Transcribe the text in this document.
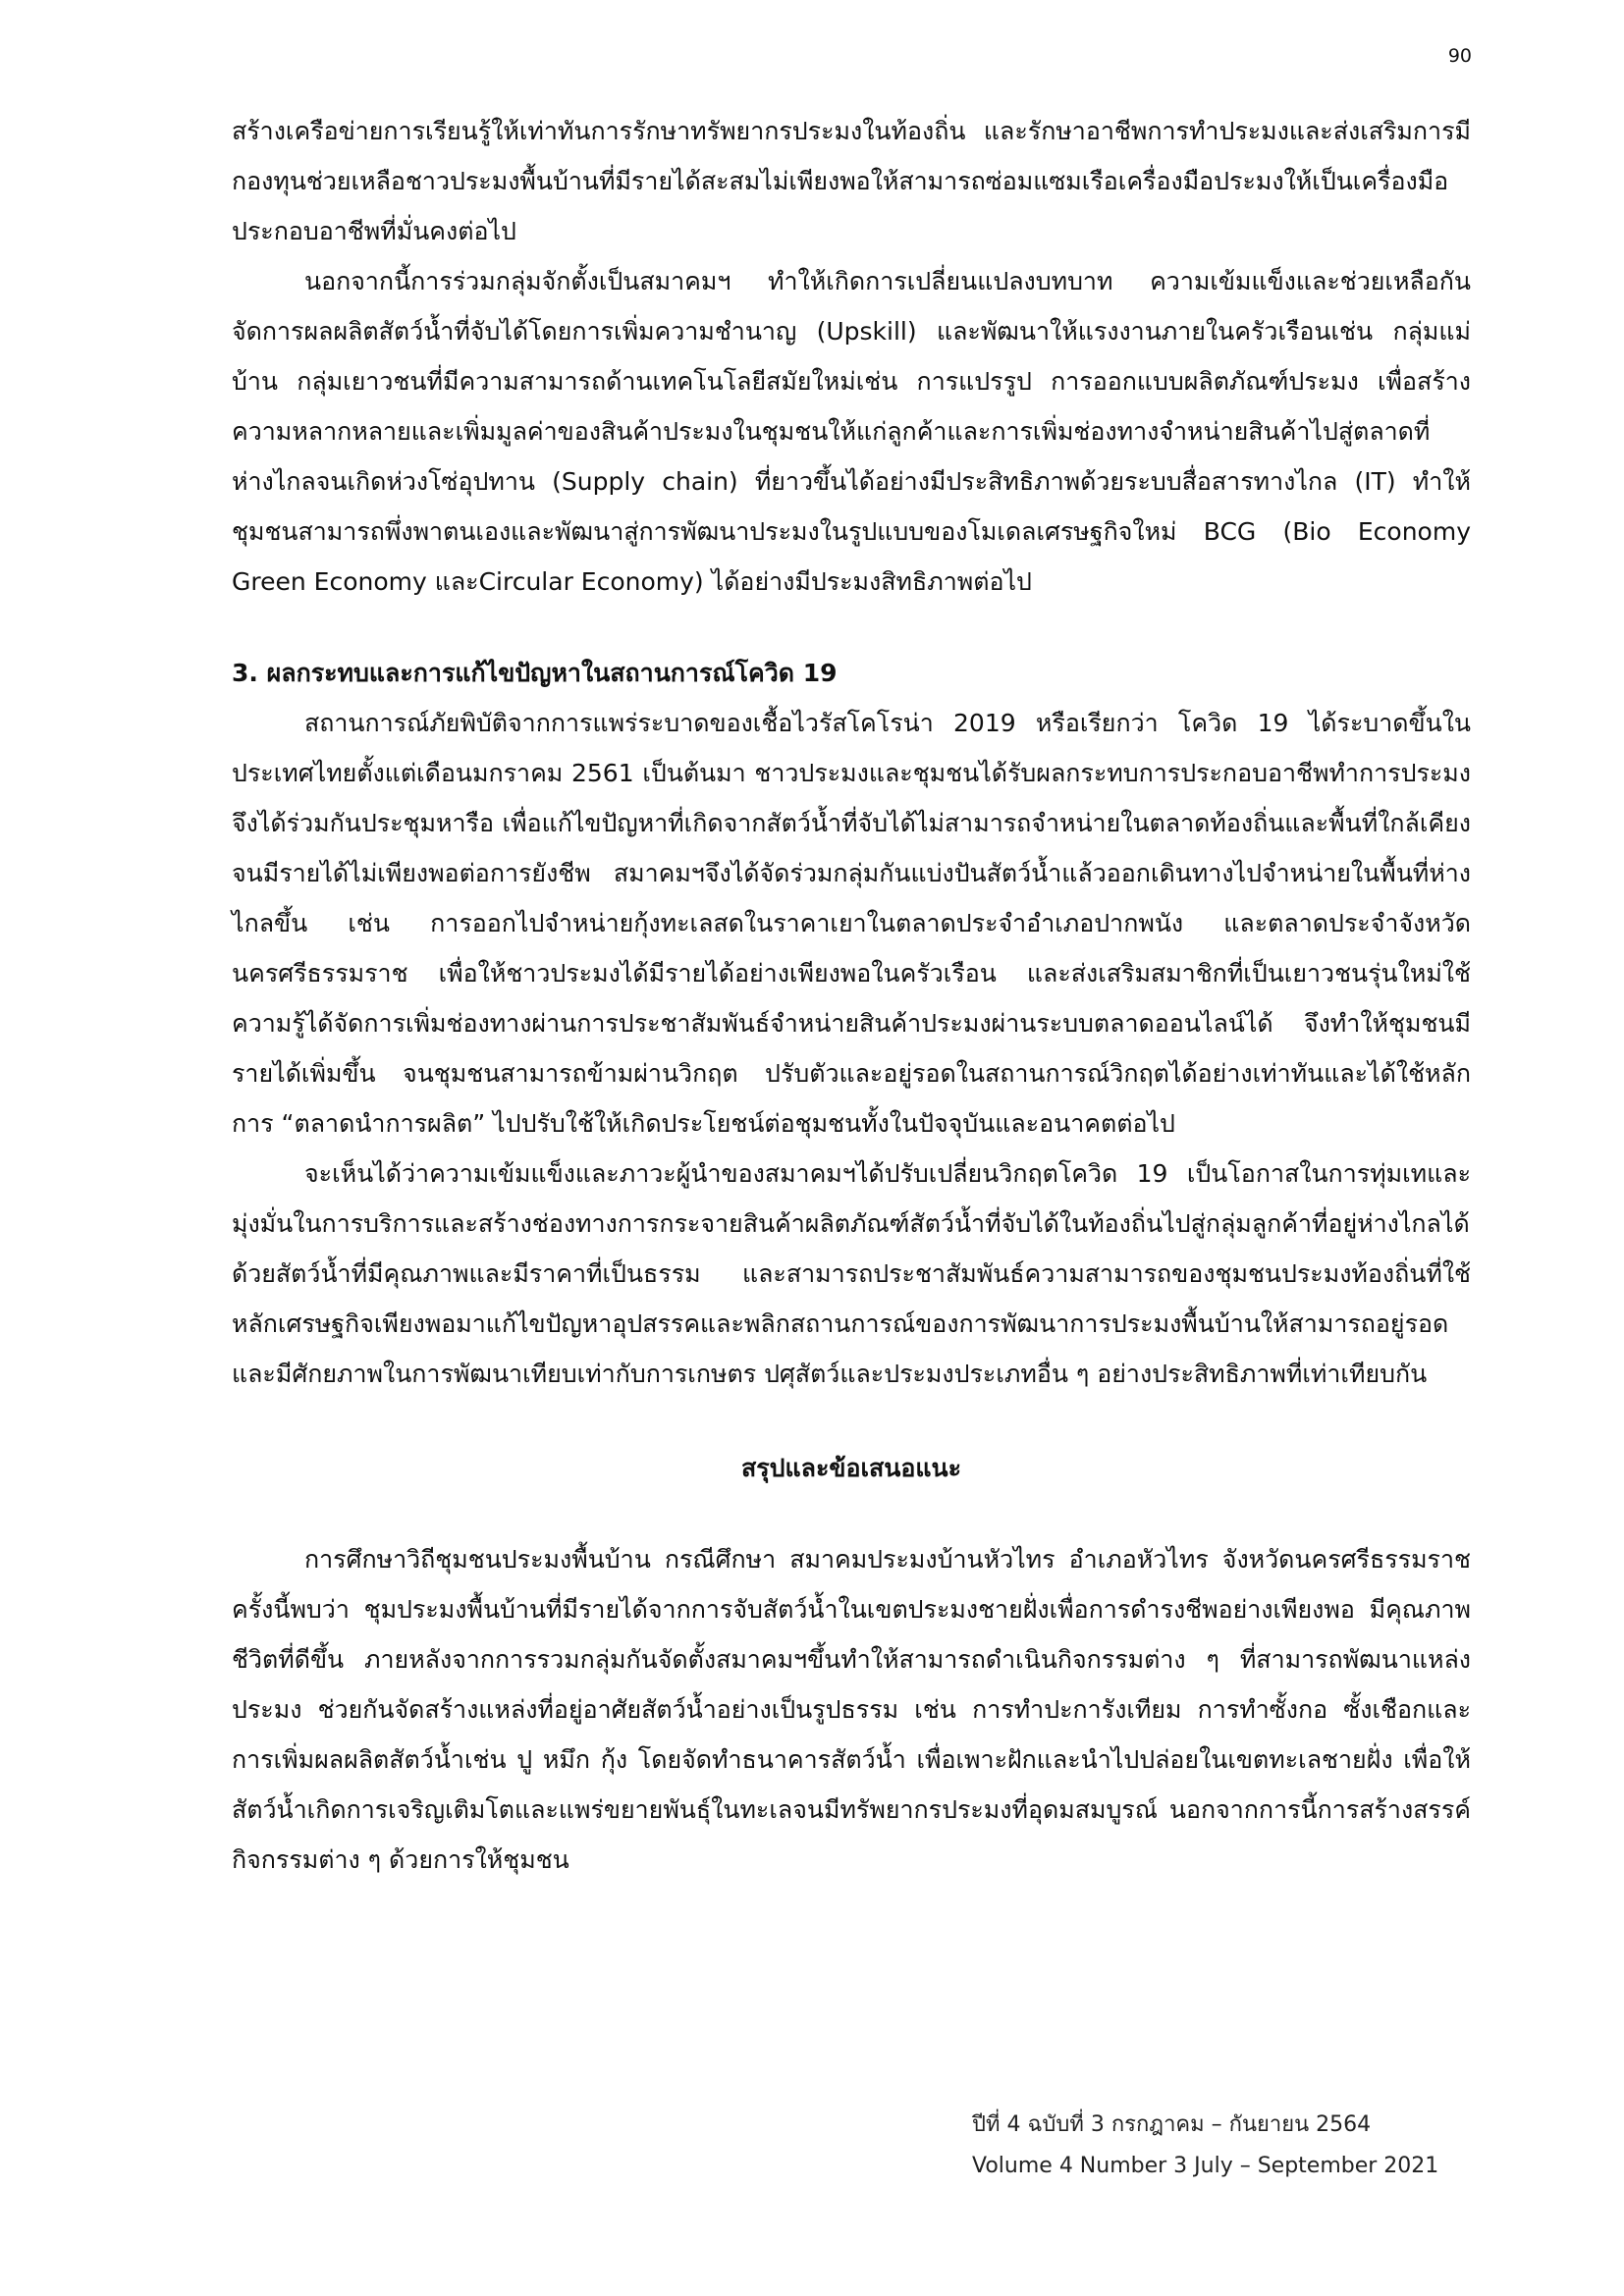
90

สร้างเครือข่ายการเรียนรู้ให้เท่าทันการรักษาทรัพยากรประมงในท้องถิ่น และรักษาอาชีพการทำประมงและส่งเสริมการมีกองทุนช่วยเหลือชาวประมงพื้นบ้านที่มีรายได้สะสมไม่เพียงพอให้สามารถซ่อมแซมเรือเครื่องมือประมงให้เป็นเครื่องมือประกอบอาชีพที่มั่นคงต่อไป

นอกจากนี้การร่วมกลุ่มจักตั้งเป็นสมาคมฯ ทำให้เกิดการเปลี่ยนแปลงบทบาท ความเข้มแข็งและช่วยเหลือกันจัดการผลผลิตสัตว์น้ำที่จับได้โดยการเพิ่มความชำนาญ (Upskill) และพัฒนาให้แรงงานภายในครัวเรือนเช่น กลุ่มแม่บ้าน กลุ่มเยาวชนที่มีความสามารถด้านเทคโนโลยีสมัยใหม่เช่น การแปรรูป การออกแบบผลิตภัณฑ์ประมง เพื่อสร้างความหลากหลายและเพิ่มมูลค่าของสินค้าประมงในชุมชนให้แก่ลูกค้าและการเพิ่มช่องทางจำหน่ายสินค้าไปสู่ตลาดที่ห่างไกลจนเกิดห่วงโซ่อุปทาน (Supply chain) ที่ยาวขึ้นได้อย่างมีประสิทธิภาพด้วยระบบสื่อสารทางไกล (IT) ทำให้ชุมชนสามารถพึ่งพาตนเองและพัฒนาสู่การพัฒนาประมงในรูปแบบของโมเดลเศรษฐกิจใหม่ BCG (Bio Economy Green Economy และCircular Economy) ได้อย่างมีประมงสิทธิภาพต่อไป

3. ผลกระทบและการแก้ไขปัญหาในสถานการณ์โควิด 19

สถานการณ์ภัยพิบัติจากการแพร่ระบาดของเชื้อไวรัสโคโรน่า 2019 หรือเรียกว่า โควิด 19 ได้ระบาดขึ้นในประเทศไทยตั้งแต่เดือนมกราคม 2561 เป็นต้นมา ชาวประมงและชุมชนได้รับผลกระทบการประกอบอาชีพทำการประมงจึงได้ร่วมกันประชุมหารือ เพื่อแก้ไขปัญหาที่เกิดจากสัตว์น้ำที่จับได้ไม่สามารถจำหน่ายในตลาดท้องถิ่นและพื้นที่ใกล้เคียง จนมีรายได้ไม่เพียงพอต่อการยังชีพ สมาคมฯจึงได้จัดร่วมกลุ่มกันแบ่งปันสัตว์น้ำแล้วออกเดินทางไปจำหน่ายในพื้นที่ห่างไกลขึ้น เช่น การออกไปจำหน่ายกุ้งทะเลสดในราคาเยาในตลาดประจำอำเภอปากพนัง และตลาดประจำจังหวัดนครศรีธรรมราช เพื่อให้ชาวประมงได้มีรายได้อย่างเพียงพอในครัวเรือน และส่งเสริมสมาชิกที่เป็นเยาวชนรุ่นใหม่ใช้ความรู้ได้จัดการเพิ่มช่องทางผ่านการประชาสัมพันธ์จำหน่ายสินค้าประมงผ่านระบบตลาดออนไลน์ได้ จึงทำให้ชุมชนมีรายได้เพิ่มขึ้น จนชุมชนสามารถข้ามผ่านวิกฤต ปรับตัวและอยู่รอดในสถานการณ์วิกฤตได้อย่างเท่าทันและได้ใช้หลักการ “ตลาดนำการผลิต” ไปปรับใช้ให้เกิดประโยชน์ต่อชุมชนทั้งในปัจจุบันและอนาคตต่อไป

จะเห็นได้ว่าความเข้มแข็งและภาวะผู้นำของสมาคมฯได้ปรับเปลี่ยนวิกฤตโควิด 19 เป็นโอกาสในการทุ่มเทและมุ่งมั่นในการบริการและสร้างช่องทางการกระจายสินค้าผลิตภัณฑ์สัตว์น้ำที่จับได้ในท้องถิ่นไปสู่กลุ่มลูกค้าที่อยู่ห่างไกลได้ด้วยสัตว์น้ำที่มีคุณภาพและมีราคาที่เป็นธรรม และสามารถประชาสัมพันธ์ความสามารถของชุมชนประมงท้องถิ่นที่ใช้ หลักเศรษฐกิจเพียงพอมาแก้ไขปัญหาอุปสรรคและพลิกสถานการณ์ของการพัฒนาการประมงพื้นบ้านให้สามารถอยู่รอดและมีศักยภาพในการพัฒนาเทียบเท่ากับการเกษตร ปศุสัตว์และประมงประเภทอื่น ๆ อย่างประสิทธิภาพที่เท่าเทียบกัน

สรุปและข้อเสนอแนะ

การศึกษาวิถีชุมชนประมงพื้นบ้าน กรณีศึกษา สมาคมประมงบ้านหัวไทร อำเภอหัวไทร จังหวัดนครศรีธรรมราช ครั้งนี้พบว่า ชุมประมงพื้นบ้านที่มีรายได้จากการจับสัตว์น้ำในเขตประมงชายฝั่งเพื่อการดำรงชีพอย่างเพียงพอ มีคุณภาพชีวิตที่ดีขึ้น ภายหลังจากการรวมกลุ่มกันจัดตั้งสมาคมฯขึ้นทำให้สามารถดำเนินกิจกรรมต่าง ๆ ที่สามารถพัฒนาแหล่งประมง ช่วยกันจัดสร้างแหล่งที่อยู่อาศัยสัตว์น้ำอย่างเป็นรูปธรรม เช่น การทำปะการังเทียม การทำซั้งกอ ซั้งเชือกและการเพิ่มผลผลิตสัตว์น้ำเช่น ปู หมึก กุ้ง โดยจัดทำธนาคารสัตว์น้ำ เพื่อเพาะฝักและนำไปปล่อยในเขตทะเลชายฝั่ง เพื่อให้สัตว์น้ำเกิดการเจริญเติมโตและแพร่ขยายพันธุ์ในทะเลจนมีทรัพยากรประมงที่อุดมสมบูรณ์ นอกจากการนี้การสร้างสรรค์กิจกรรมต่าง ๆ ด้วยการให้ชุมชน

ปีที่ 4 ฉบับที่ 3 กรกฎาคม – กันยายน 2564
Volume 4 Number 3 July – September 2021
